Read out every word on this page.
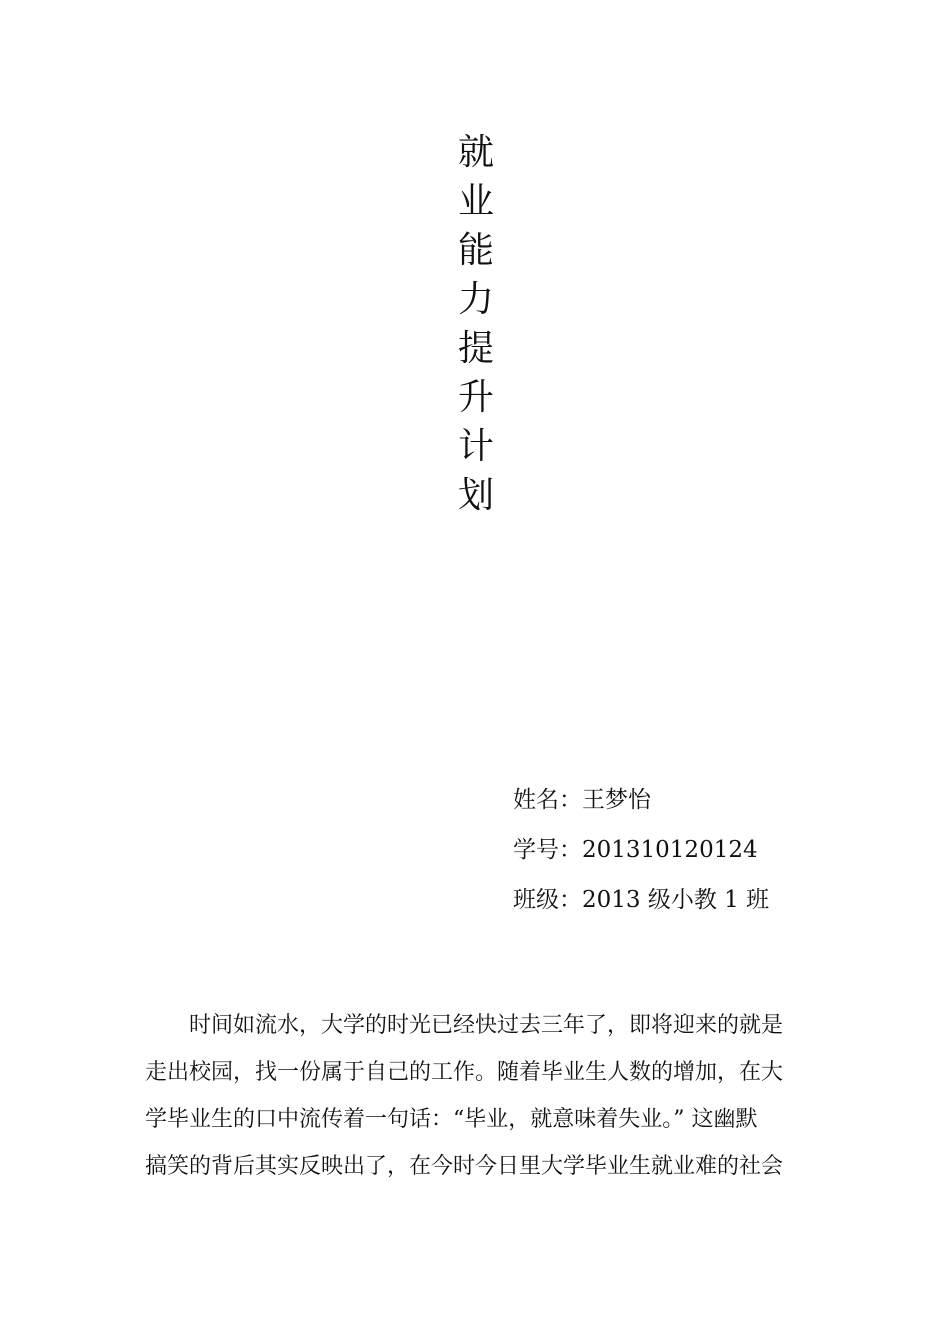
就
业
能
力
提
升
计
划
姓名：王梦怡
学号：201310120124
班级：2013 级小教 1 班
时间如流水，大学的时光已经快过去三年了，即将迎来的就是
走出校园，找一份属于自己的工作。随着毕业生人数的增加，在大
学毕业生的口中流传着一句话：“毕业，就意味着失业。” 这幽默
搞笑的背后其实反映出了，在今时今日里大学毕业生就业难的社会
